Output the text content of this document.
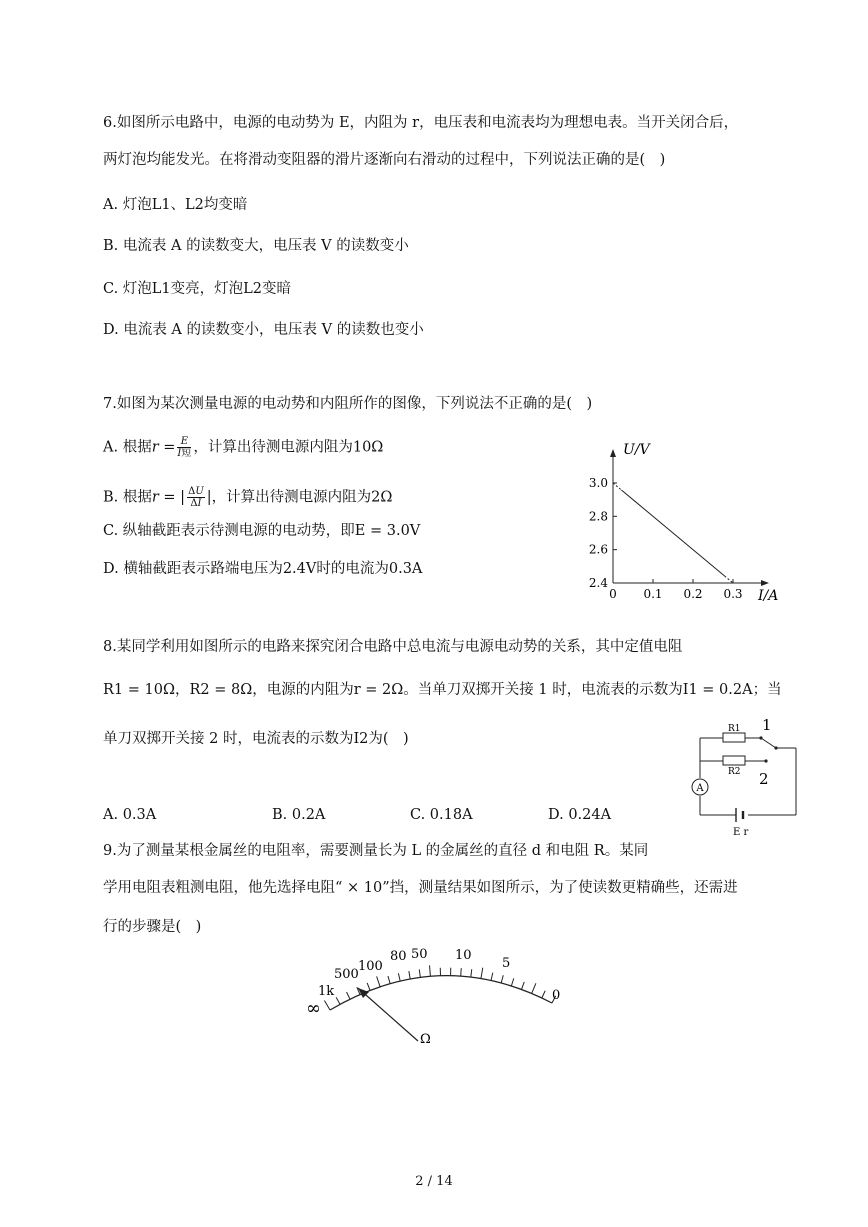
6.如图所示电路中，电源的电动势为 E，内阻为 r，电压表和电流表均为理想电表。当开关闭合后，
两灯泡均能发光。在将滑动变阻器的滑片逐渐向右滑动的过程中，下列说法正确的是(　)
A. 灯泡L1、L2均变暗
B. 电流表 A 的读数变大，电压表 V 的读数变小
C. 灯泡L1变亮，灯泡L2变暗
D. 电流表 A 的读数变小，电压表 V 的读数也变小
7.如图为某次测量电源的电动势和内阻所作的图像，下列说法不正确的是(　)
A. 根据$r = \frac{E}{\text{I短}}$ ，计算出待测电源内阻为10Ω
B. 根据r = | $\frac{\Delta U}{\Delta I}$ |，计算出待测电源内阻为2Ω
C. 纵轴截距表示待测电源的电动势，即E = 3.0V
D. 横轴截距表示路端电压为2.4V时的电流为0.3A
0 0.1 0.2 0.3
2.4
2.6
2.8
3.0
U/V
I/A
8.某同学利用如图所示的电路来探究闭合电路中总电流与电源电动势的关系，其中定值电阻
R1 = 10Ω，R2 = 8Ω，电源的内阻为r = 2Ω。当单刀双掷开关接 1 时，电流表的示数为I1 = 0.2A；当
单刀双掷开关接 2 时，电流表的示数为I2为(　)
A. 0.3A	B. 0.2A	C. 0.18A	D. 0.24A
R1
R2
1
2
A
E r
9.为了测量某根金属丝的电阻率，需要测量长为 L 的金属丝的直径 d 和电阻 R。某同
学用电阻表粗测电阻，他先选择电阻“ × 10”挡，测量结果如图所示，为了使读数更精确些，还需进
行的步骤是(　)
∞
1k
500
100
80 50 10
5
0
Ω
2 / 14
